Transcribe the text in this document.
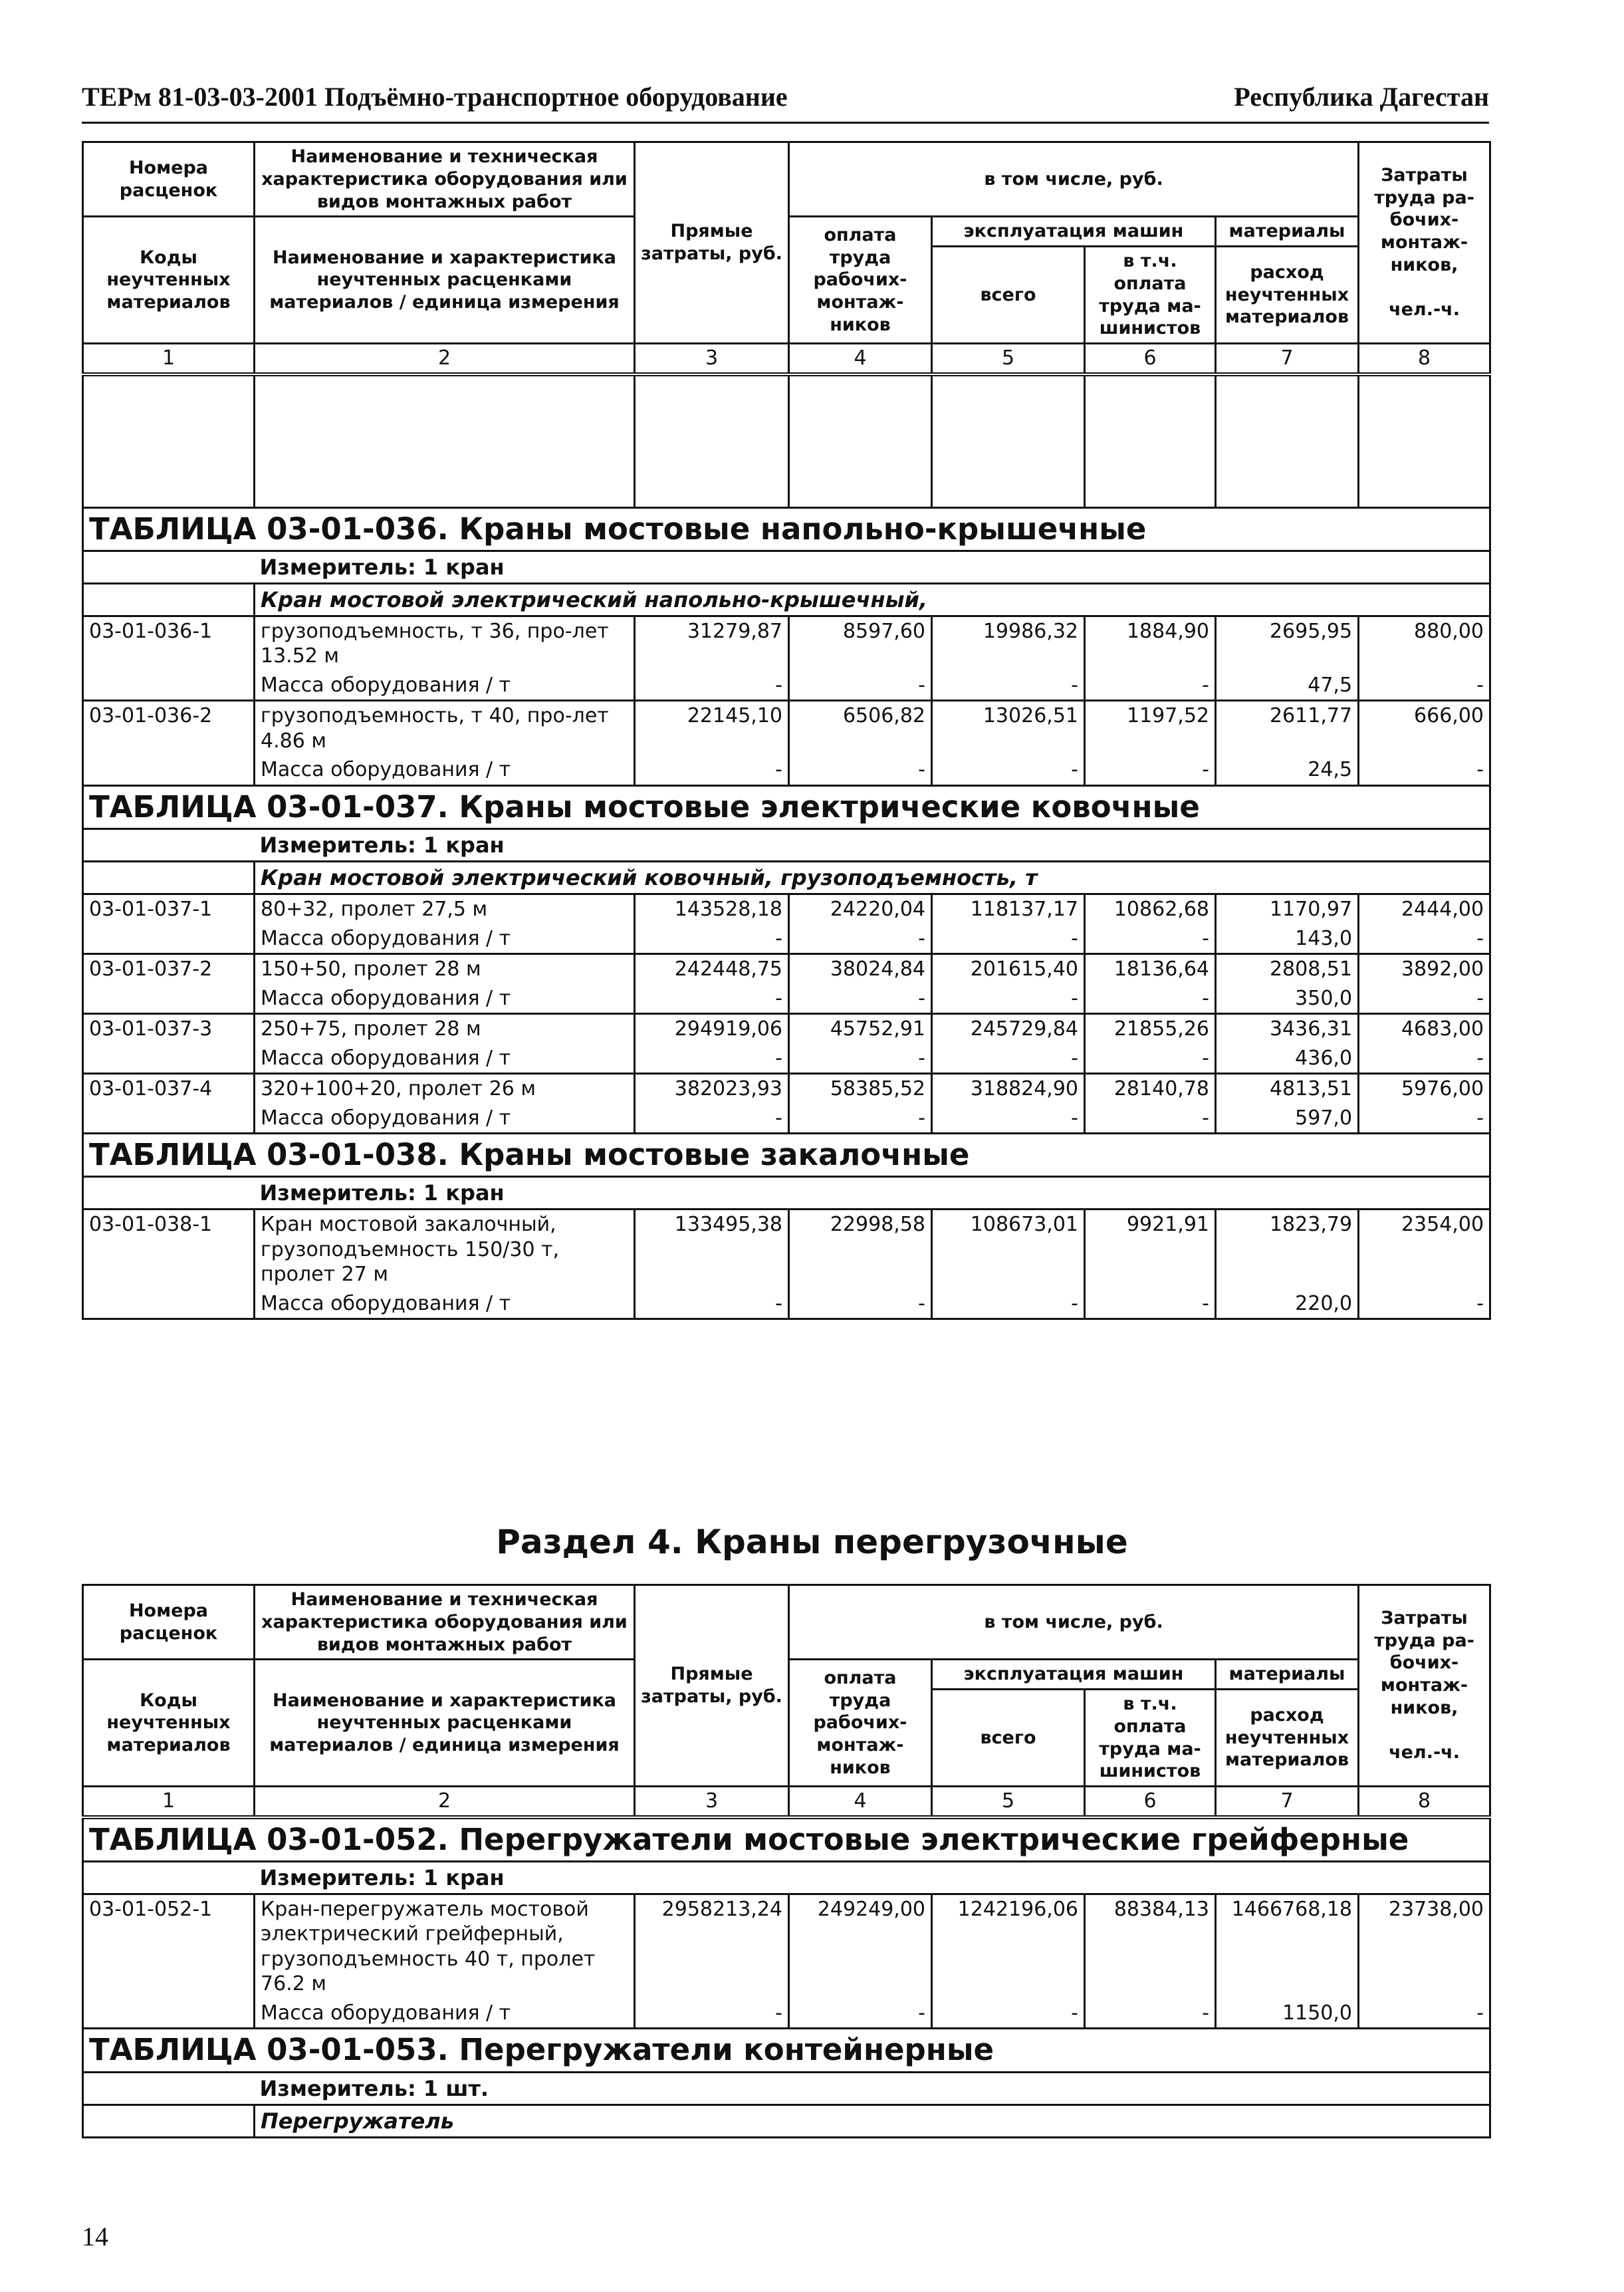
ТЕРм 81-03-03-2001 Подъёмно-транспортное оборудование	Республика Дагестан
Номера расценок	Наименование и техническая характеристика оборудования или видов монтажных работ	Прямые затраты, руб.	в том числе, руб.				Затраты труда ра-бочих-монтаж-ников,

чел.-ч.
Коды неучтенных материалов	Наименование и характеристика неучтенных расценками материалов / единица измерения		оплата труда рабочих-монтаж-ников	эксплуатация машин		материалы	
				всего	в т.ч. оплата труда ма-шинистов	расход неучтенных материалов	
1	2	3	4	5	6	7	8

ТАБЛИЦА 03-01-036. Краны мостовые напольно-крышечные							
	Измеритель: 1 кран						
	Кран мостовой электрический напольно-крышечный,						
03-01-036-1	грузоподъемность, т 36, про-лет 13.52 м	31279,87	8597,60	19986,32	1884,90	2695,95	880,00
	Масса оборудования / т	-	-	-	-	47,5	-
03-01-036-2	грузоподъемность, т 40, про-лет 4.86 м	22145,10	6506,82	13026,51	1197,52	2611,77	666,00
	Масса оборудования / т	-	-	-	-	24,5	-
ТАБЛИЦА 03-01-037. Краны мостовые электрические ковочные							
	Измеритель: 1 кран						
	Кран мостовой электрический ковочный, грузоподъемность, т						
03-01-037-1	80+32, пролет 27,5 м	143528,18	24220,04	118137,17	10862,68	1170,97	2444,00
	Масса оборудования / т	-	-	-	-	143,0	-
03-01-037-2	150+50, пролет 28 м	242448,75	38024,84	201615,40	18136,64	2808,51	3892,00
	Масса оборудования / т	-	-	-	-	350,0	-
03-01-037-3	250+75, пролет 28 м	294919,06	45752,91	245729,84	21855,26	3436,31	4683,00
	Масса оборудования / т	-	-	-	-	436,0	-
03-01-037-4	320+100+20, пролет 26 м	382023,93	58385,52	318824,90	28140,78	4813,51	5976,00
	Масса оборудования / т	-	-	-	-	597,0	-
ТАБЛИЦА 03-01-038. Краны мостовые закалочные							
	Измеритель: 1 кран						
03-01-038-1	Кран мостовой закалочный, грузоподъемность 150/30 т, пролет 27 м	133495,38	22998,58	108673,01	9921,91	1823,79	2354,00
	Масса оборудования / т	-	-	-	-	220,0	-
Раздел 4. Краны перегрузочные
Номера расценок	Наименование и техническая характеристика оборудования или видов монтажных работ	Прямые затраты, руб.	в том числе, руб.				Затраты труда ра-бочих-монтаж-ников,

чел.-ч.
Коды неучтенных материалов	Наименование и характеристика неучтенных расценками материалов / единица измерения		оплата труда рабочих-монтаж-ников	эксплуатация машин		материалы	
				всего	в т.ч. оплата труда ма-шинистов	расход неучтенных материалов	
1	2	3	4	5	6	7	8
ТАБЛИЦА 03-01-052. Перегружатели мостовые электрические грейферные							
	Измеритель: 1 кран						
03-01-052-1	Кран-перегружатель мостовой электрический грейферный, грузоподъемность 40 т, пролет 76.2 м	2958213,24	249249,00	1242196,06	88384,13	1466768,18	23738,00
	Масса оборудования / т	-	-	-	-	1150,0	-
ТАБЛИЦА 03-01-053. Перегружатели контейнерные							
	Измеритель: 1 шт.						
	Перегружатель						
14
